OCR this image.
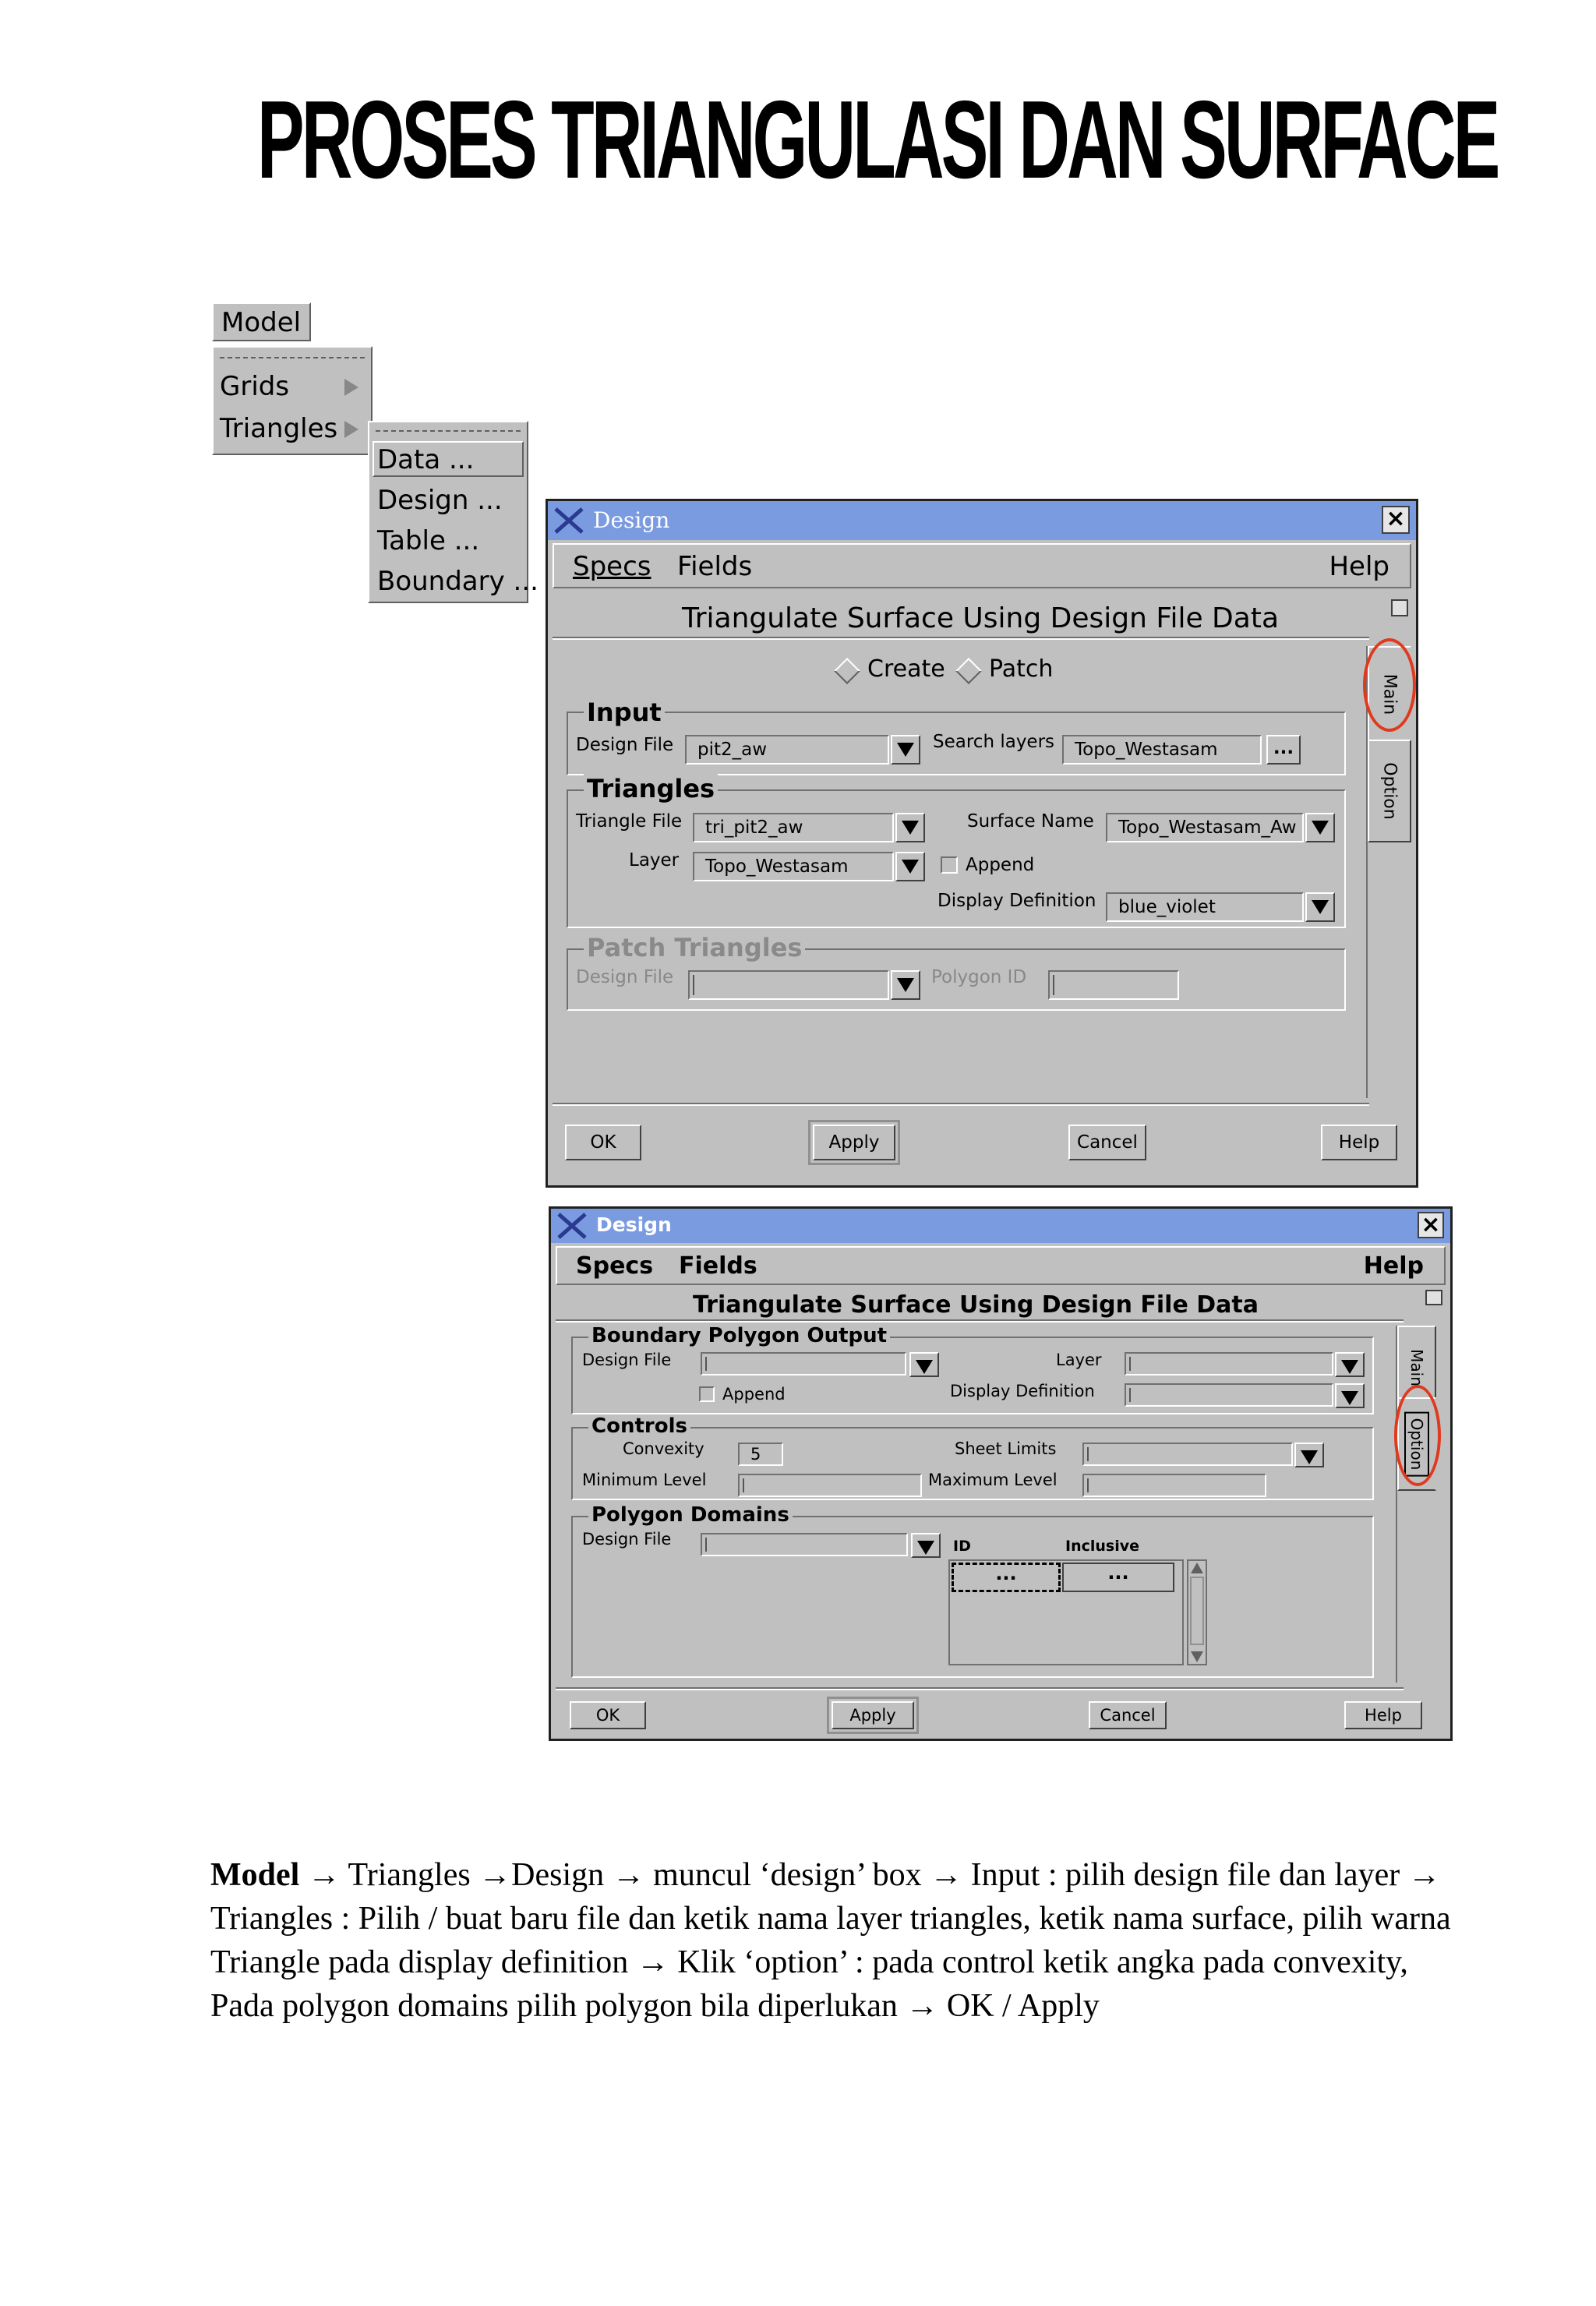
PROSES TRIANGULASI DAN SURFACE
Model
Grids
Triangles
Data ...
Design ...
Table ...
Boundary ...
Design	×
Specs Fields	Help
Triangulate Surface Using Design File Data
Create Patch
Input
Design File	pit2_aw	Search layers	Topo_Westasam	...
Triangles
Triangle File	tri_pit2_aw	Surface Name	Topo_Westasam_Aw
Layer	Topo_Westasam	Append
Display Definition	blue_violet
Patch Triangles
Design File	Polygon ID
OK	Apply	Cancel	Help
Main
Option
Design	×
Specs Fields	Help
Triangulate Surface Using Design File Data
Boundary Polygon Output
Design File	Layer
Append	Display Definition
Controls
Convexity	5	Sheet Limits
Minimum Level	Maximum Level
Polygon Domains
Design File	ID	Inclusive
...	...
OK	Apply	Cancel	Help
Main
Option

Model → Triangles →Design → muncul ‘design’ box → Input : pilih design file dan layer →

Triangles : Pilih / buat baru file dan ketik nama layer triangles, ketik nama surface, pilih warna

Triangle pada display definition → Klik ‘option’ : pada control ketik angka pada convexity,

Pada polygon domains pilih polygon bila diperlukan → OK / Apply
